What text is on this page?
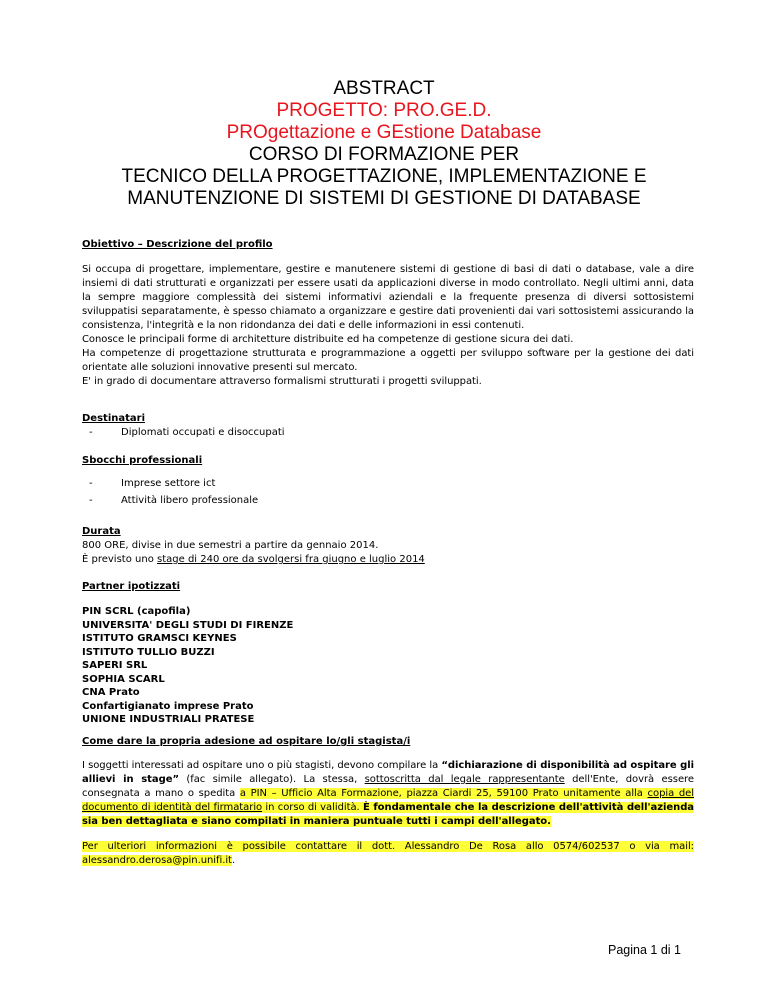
ABSTRACT
PROGETTO: PRO.GE.D.
PROgettazione e GEstione Database
CORSO DI FORMAZIONE PER
TECNICO DELLA PROGETTAZIONE, IMPLEMENTAZIONE E
MANUTENZIONE DI SISTEMI DI GESTIONE DI DATABASE
Obiettivo – Descrizione del profilo

Si occupa di progettare, implementare, gestire e manutenere sistemi di gestione di basi di dati o database, vale a dire insiemi di dati strutturati e organizzati per essere usati da applicazioni diverse in modo controllato. Negli ultimi anni, data la sempre maggiore complessità dei sistemi informativi aziendali e la frequente presenza di diversi sottosistemi sviluppatisi separatamente, è spesso chiamato a organizzare e gestire dati provenienti dai vari sottosistemi assicurando la consistenza, l'integrità e la non ridondanza dei dati e delle informazioni in essi contenuti.

Conosce le principali forme di architetture distribuite ed ha competenze di gestione sicura dei dati.

Ha competenze di progettazione strutturata e programmazione a oggetti per sviluppo software per la gestione dei dati orientate alle soluzioni innovative presenti sul mercato.

E' in grado di documentare attraverso formalismi strutturati i progetti sviluppati.

Destinatari
-	Diplomati occupati e disoccupati
Sbocchi professionali
-	Imprese settore ict
-	Attività libero professionale
Durata
800 ORE, divise in due semestri a partire da gennaio 2014.
È previsto uno stage di 240 ore da svolgersi fra giugno e luglio 2014
Partner ipotizzati
PIN SCRL (capofila)
UNIVERSITA' DEGLI STUDI DI FIRENZE
ISTITUTO GRAMSCI KEYNES
ISTITUTO TULLIO BUZZI
SAPERI SRL
SOPHIA SCARL
CNA Prato
Confartigianato imprese Prato
UNIONE INDUSTRIALI PRATESE
Come dare la propria adesione ad ospitare lo/gli stagista/i

I soggetti interessati ad ospitare uno o più stagisti, devono compilare la “dichiarazione di disponibilità ad ospitare gli allievi in stage” (fac simile allegato). La stessa, sottoscritta dal legale rappresentante dell'Ente, dovrà essere consegnata a mano o spedita a PIN – Ufficio Alta Formazione, piazza Ciardi 25, 59100 Prato unitamente alla copia del documento di identità del firmatario in corso di validità. È fondamentale che la descrizione dell'attività dell'azienda sia ben dettagliata e siano compilati in maniera puntuale tutti i campi dell'allegato.

Per ulteriori informazioni è possibile contattare il dott. Alessandro De Rosa allo 0574/602537 o via mail: alessandro.derosa@pin.unifi.it.

Pagina 1 di 1
